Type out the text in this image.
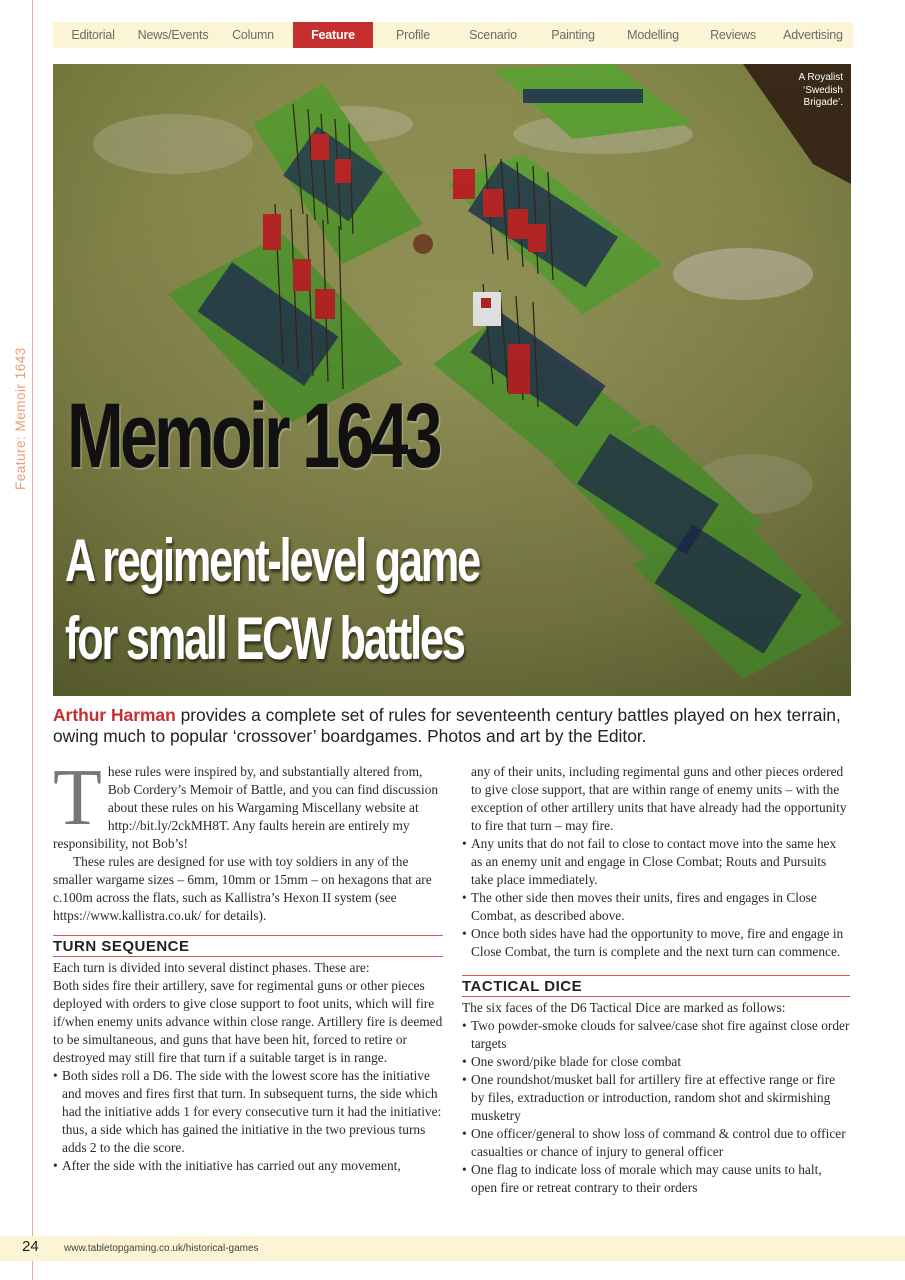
Editorial	News/Events	Column	Feature	Profile	Scenario	Painting	Modelling	Reviews	Advertising
Feature: Memoir 1643
A Royalist ‘Swedish Brigade’.
Memoir 1643
A regiment-level game
for small ECW battles
Arthur Harman provides a complete set of rules for seventeenth century battles played on hex terrain, owing much to popular ‘crossover’ boardgames. Photos and art by the Editor.

These rules were inspired by, and substantially altered from, Bob Cordery’s Memoir of Battle, and you can find discussion about these rules on his Wargaming Miscellany website at http://bit.ly/2ckMH8T. Any faults herein are entirely my responsibility, not Bob’s!

These rules are designed for use with toy soldiers in any of the smaller wargame sizes – 6mm, 10mm or 15mm – on hexagons that are c.100m across the flats, such as Kallistra’s Hexon II system (see https://www.kallistra.co.uk/ for details).

TURN SEQUENCE

Each turn is divided into several distinct phases. These are:

Both sides fire their artillery, save for regimental guns or other pieces deployed with orders to give close support to foot units, which will fire if/when enemy units advance within close range. Artillery fire is deemed to be simultaneous, and guns that have been hit, forced to retire or destroyed may still fire that turn if a suitable target is in range.

• Both sides roll a D6. The side with the lowest score has the initiative and moves and fires first that turn. In subsequent turns, the side which had the initiative adds 1 for every consecutive turn it had the initiative: thus, a side which has gained the initiative in the two previous turns adds 2 to the die score.
• After the side with the initiative has carried out any movement,

any of their units, including regimental guns and other pieces ordered to give close support, that are within range of enemy units – with the exception of other artillery units that have already had the opportunity to fire that turn – may fire.

• Any units that do not fail to close to contact move into the same hex as an enemy unit and engage in Close Combat; Routs and Pursuits take place immediately.
• The other side then moves their units, fires and engages in Close Combat, as described above.
• Once both sides have had the opportunity to move, fire and engage in Close Combat, the turn is complete and the next turn can commence.
TACTICAL DICE

The six faces of the D6 Tactical Dice are marked as follows:

• Two powder-smoke clouds for salvee/case shot fire against close order targets
• One sword/pike blade for close combat
• One roundshot/musket ball for artillery fire at effective range or fire by files, extraduction or introduction, random shot and skirmishing musketry
• One officer/general to show loss of command & control due to officer casualties or chance of injury to general officer
• One flag to indicate loss of morale which may cause units to halt, open fire or retreat contrary to their orders
24	www.tabletopgaming.co.uk/historical-games
